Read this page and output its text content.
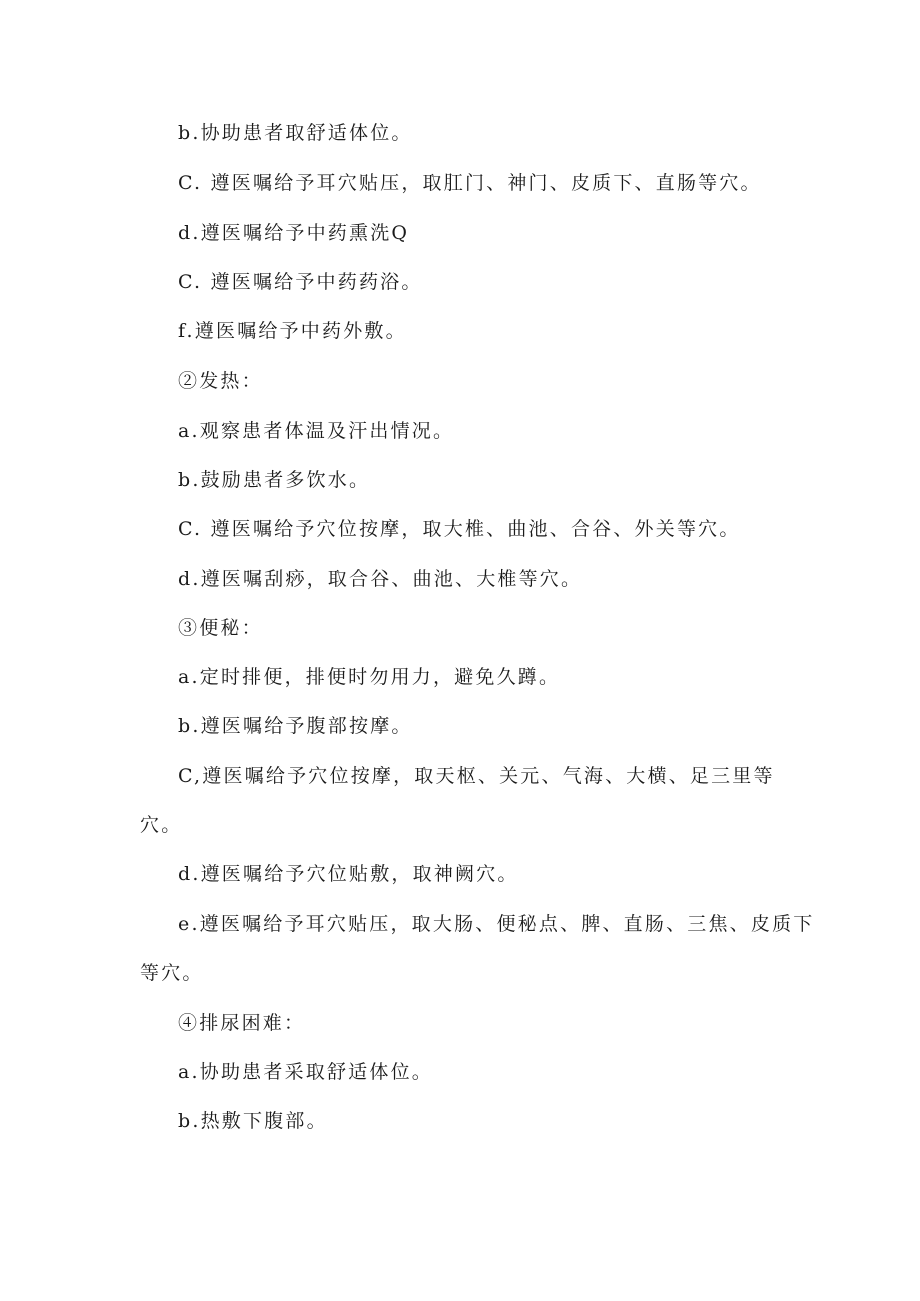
b.协助患者取舒适体位。
C. 遵医嘱给予耳穴贴压，取肛门、神门、皮质下、直肠等穴。
d.遵医嘱给予中药熏洗Q
C. 遵医嘱给予中药药浴。
f.遵医嘱给予中药外敷。
②发热：
a.观察患者体温及汗出情况。
b.鼓励患者多饮水。
C. 遵医嘱给予穴位按摩，取大椎、曲池、合谷、外关等穴。
d.遵医嘱刮痧，取合谷、曲池、大椎等穴。
③便秘：
a.定时排便，排便时勿用力，避免久蹲。
b.遵医嘱给予腹部按摩。
C,遵医嘱给予穴位按摩，取天枢、关元、气海、大横、足三里等
穴。
d.遵医嘱给予穴位贴敷，取神阙穴。
e.遵医嘱给予耳穴贴压，取大肠、便秘点、脾、直肠、三焦、皮质下
等穴。
④排尿困难：
a.协助患者采取舒适体位。
b.热敷下腹部。
